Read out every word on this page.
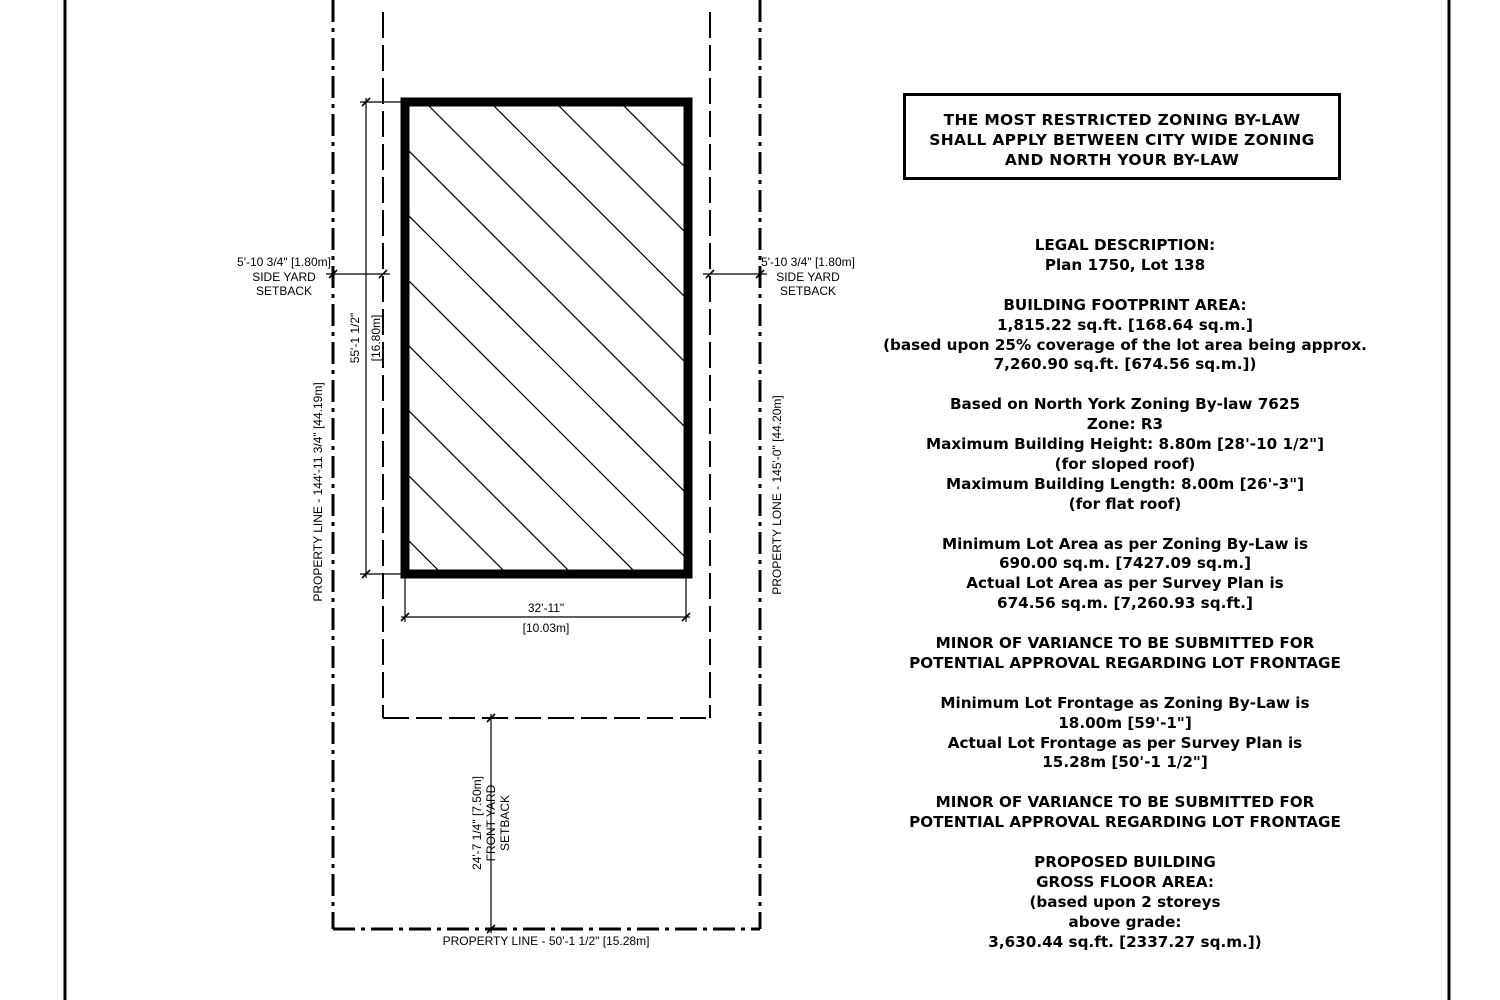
5'-10 3/4" [1.80m]
SIDE YARD
SETBACK
5'-10 3/4" [1.80m]
SIDE YARD
SETBACK
55'-1 1/2" [16.80m]
32'-11"
[10.03m]
PROPERTY LINE - 144'-11 3/4" [44.19m]	PROPERTY LONE - 145'-0" [44.20m]
PROPERTY LINE - 50'-1 1/2" [15.28m]
24'-7 1/4" [7.50m] FRONT YARD SETBACK
THE MOST RESTRICTED ZONING BY-LAW
SHALL APPLY BETWEEN CITY WIDE ZONING
AND NORTH YOUR BY-LAW
LEGAL DESCRIPTION:
Plan 1750, Lot 138
BUILDING FOOTPRINT AREA:
1,815.22 sq.ft. [168.64 sq.m.]
(based upon 25% coverage of the lot area being approx.
7,260.90 sq.ft. [674.56 sq.m.])
Based on North York Zoning By-law 7625
Zone: R3
Maximum Building Height: 8.80m [28'-10 1/2"]
(for sloped roof)
Maximum Building Length: 8.00m [26'-3"]
(for flat roof)
Minimum Lot Area as per Zoning By-Law is
690.00 sq.m. [7427.09 sq.m.]
Actual Lot Area as per Survey Plan is
674.56 sq.m. [7,260.93 sq.ft.]
MINOR OF VARIANCE TO BE SUBMITTED FOR
POTENTIAL APPROVAL REGARDING LOT FRONTAGE
Minimum Lot Frontage as Zoning By-Law is
18.00m [59'-1"]
Actual Lot Frontage as per Survey Plan is
15.28m [50'-1 1/2"]
MINOR OF VARIANCE TO BE SUBMITTED FOR
POTENTIAL APPROVAL REGARDING LOT FRONTAGE
PROPOSED BUILDING
GROSS FLOOR AREA:
(based upon 2 storeys
above grade:
3,630.44 sq.ft. [2337.27 sq.m.])
